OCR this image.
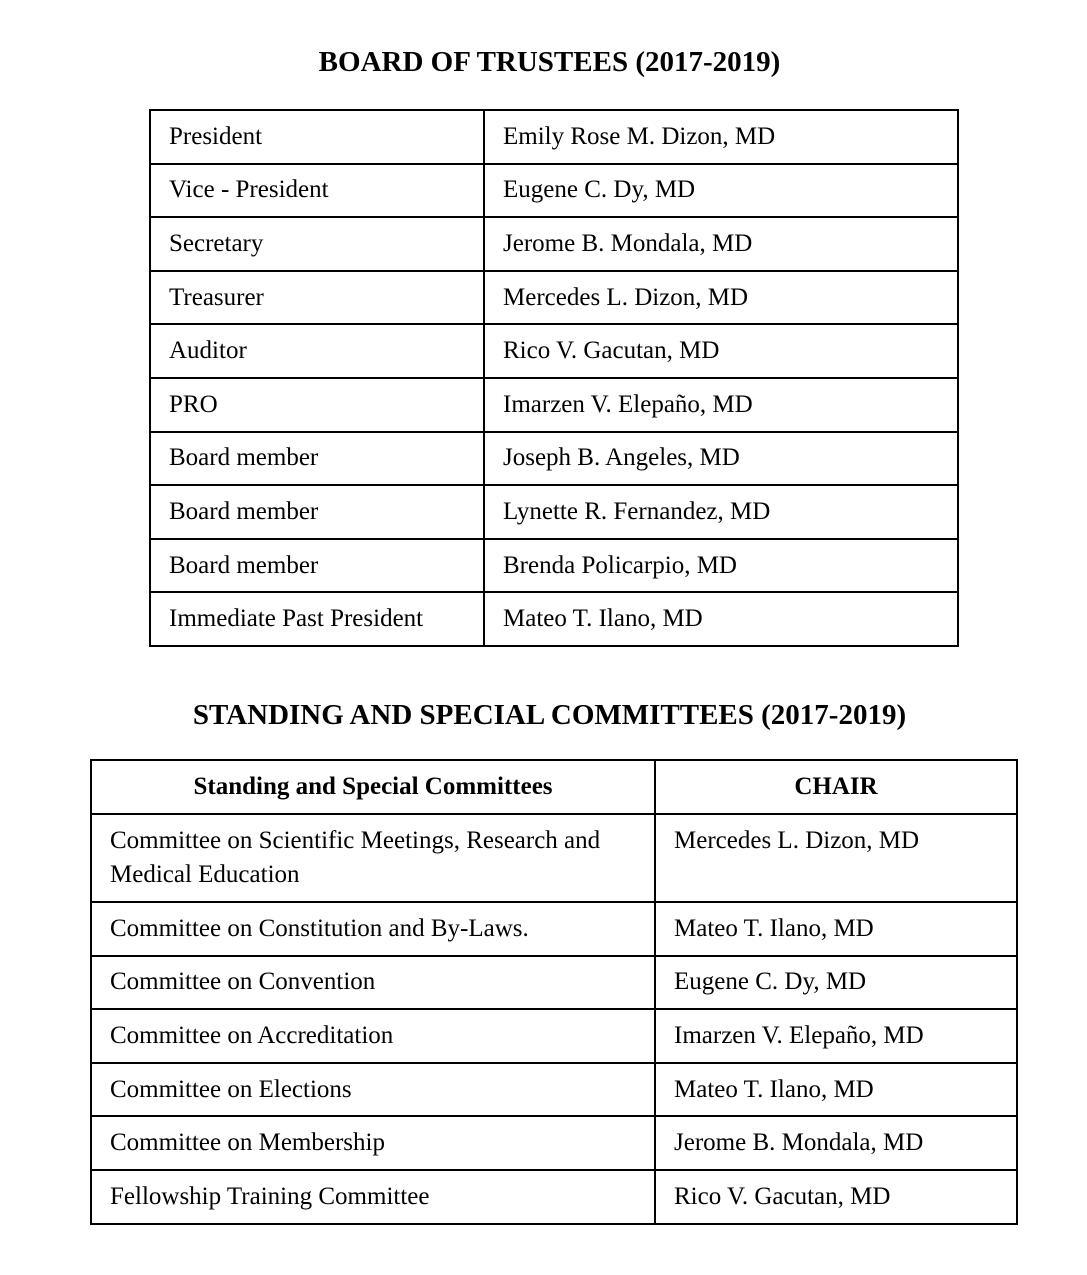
BOARD OF TRUSTEES (2017-2019)
President	Emily Rose M. Dizon, MD
Vice - President	Eugene C. Dy, MD
Secretary	Jerome B. Mondala, MD
Treasurer	Mercedes L. Dizon, MD
Auditor	Rico V. Gacutan, MD
PRO	Imarzen V. Elepaño, MD
Board member	Joseph B. Angeles, MD
Board member	Lynette R. Fernandez, MD
Board member	Brenda Policarpio, MD
Immediate Past President	Mateo T. Ilano, MD
STANDING AND SPECIAL COMMITTEES (2017-2019)
Standing and Special Committees	CHAIR
Committee on Scientific Meetings, Research and Medical Education	Mercedes L. Dizon, MD
Committee on Constitution and By-Laws.	Mateo T. Ilano, MD
Committee on Convention	Eugene C. Dy, MD
Committee on Accreditation	Imarzen V. Elepaño, MD
Committee on Elections	Mateo T. Ilano, MD
Committee on Membership	Jerome B. Mondala, MD
Fellowship Training Committee	Rico V. Gacutan, MD
